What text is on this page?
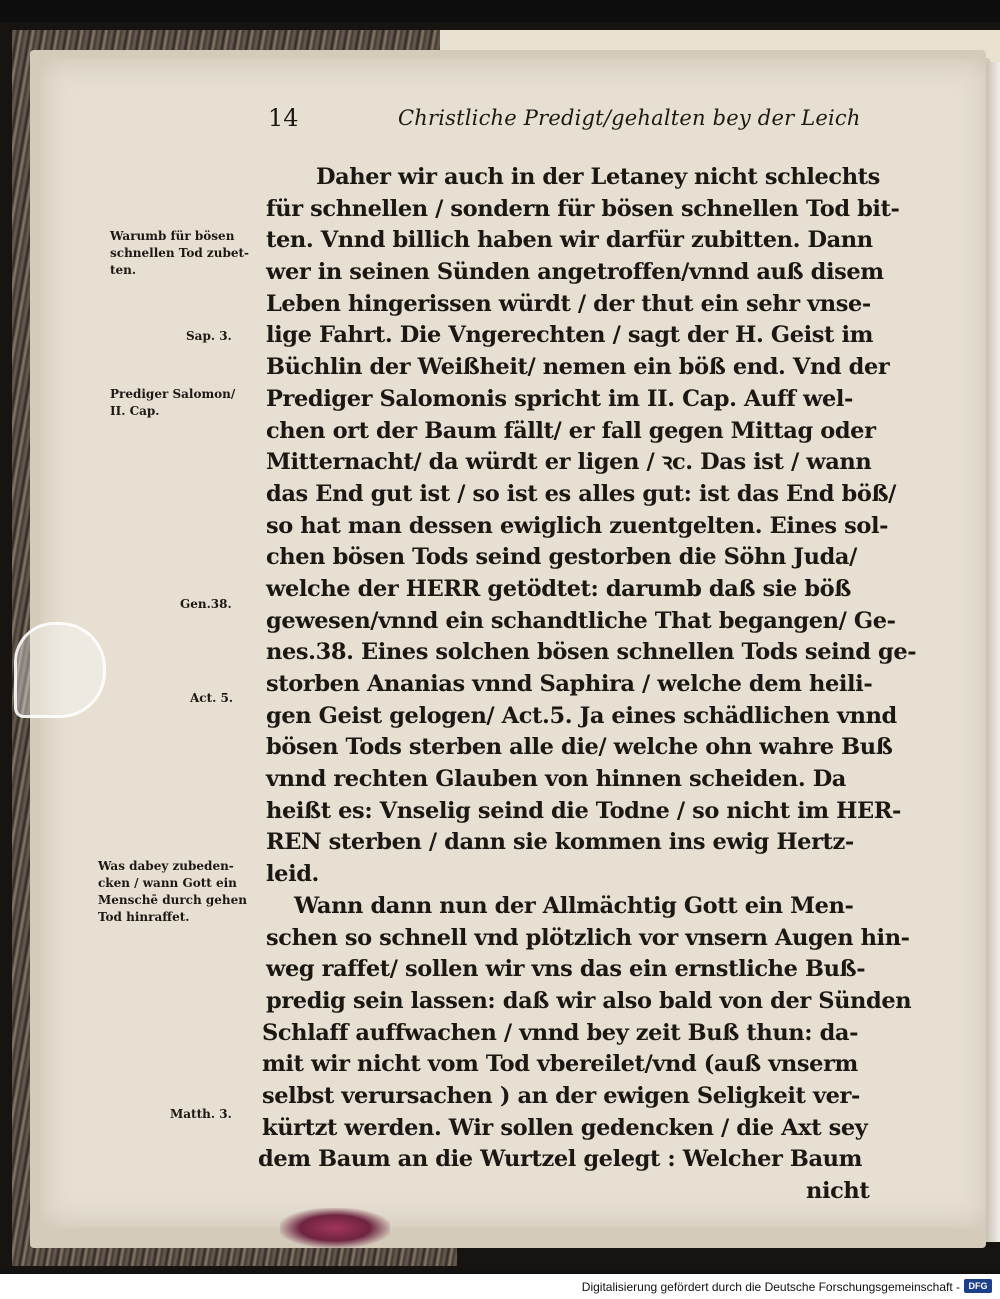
14	Christliche Predigt/gehalten bey der Leich
Daher wir auch in der Letaney nicht schlechts
für schnellen / sondern für bösen schnellen Tod bit-
ten. Vnnd billich haben wir darfür zubitten. Dann
wer in seinen Sünden angetroffen/vnnd auß disem
Leben hingerissen würdt / der thut ein sehr vnse-
lige Fahrt. Die Vngerechten / sagt der H. Geist im
Büchlin der Weißheit/ nemen ein böß end. Vnd der
Prediger Salomonis spricht im II. Cap. Auff wel-
chen ort der Baum fällt/ er fall gegen Mittag oder
Mitternacht/ da würdt er ligen / ꝛc. Das ist / wann
das End gut ist / so ist es alles gut: ist das End böß/
so hat man dessen ewiglich zuentgelten. Eines sol-
chen bösen Tods seind gestorben die Söhn Juda/
welche der HERR getödtet: darumb daß sie böß
gewesen/vnnd ein schandtliche That begangen/ Ge-
nes.38. Eines solchen bösen schnellen Tods seind ge-
storben Ananias vnnd Saphira / welche dem heili-
gen Geist gelogen/ Act.5. Ja eines schädlichen vnnd
bösen Tods sterben alle die/ welche ohn wahre Buß
vnnd rechten Glauben von hinnen scheiden. Da
heißt es: Vnselig seind die Todne / so nicht im HER-
REN sterben / dann sie kommen ins ewig Hertz-
leid.
Wann dann nun der Allmächtig Gott ein Men-
schen so schnell vnd plötzlich vor vnsern Augen hin-
weg raffet/ sollen wir vns das ein ernstliche Buß-
predig sein lassen: daß wir also bald von der Sünden
Schlaff auffwachen / vnnd bey zeit Buß thun: da-
mit wir nicht vom Tod vbereilet/vnd (auß vnserm
selbst verursachen ) an der ewigen Seligkeit ver-
kürtzt werden. Wir sollen gedencken / die Axt sey
dem Baum an die Wurtzel gelegt : Welcher Baum
nicht
Warumb für bösen
schnellen Tod zubet-
ten.
Sap. 3.
Prediger Salomon/
II. Cap.
Gen.38.
Act. 5.
Was dabey zubeden-
cken / wann Gott ein
Menschē durch gehen
Tod hinraffet.
Matth. 3.
Digitalisierung gefördert durch die Deutsche Forschungsgemeinschaft - DFG
